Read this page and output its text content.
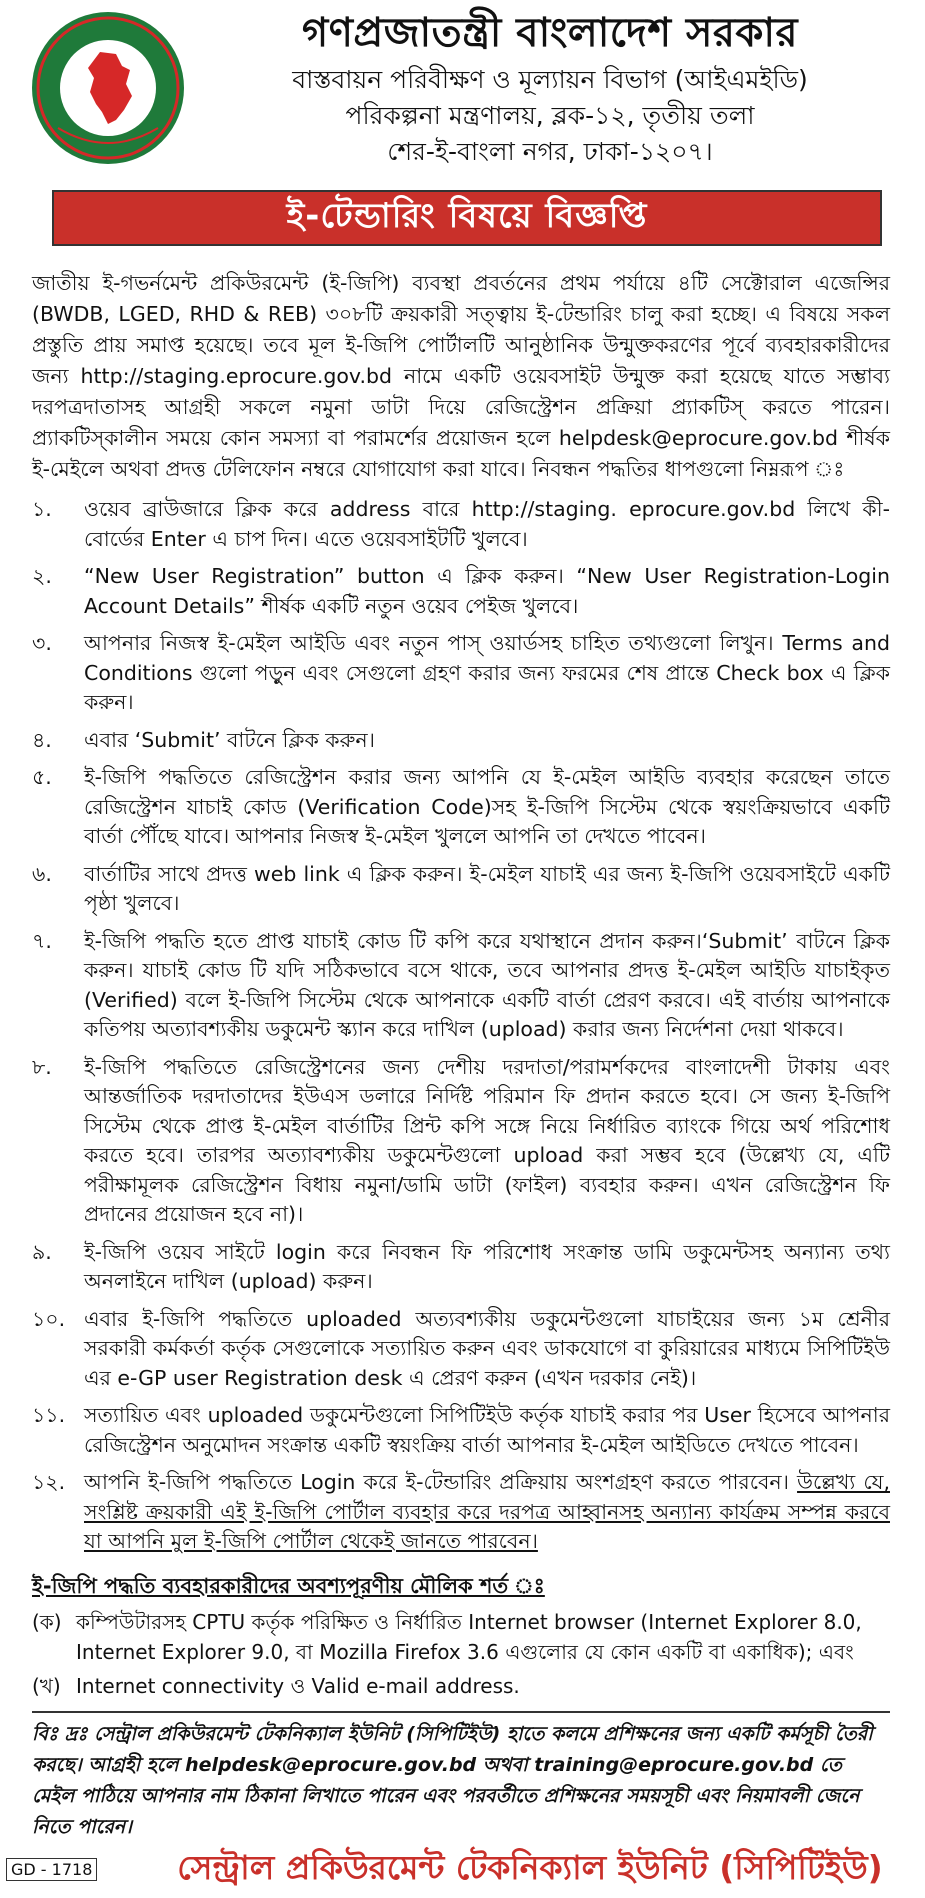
গণপ্রজাতন্ত্রী বাংলাদেশ সরকার
বাস্তবায়ন পরিবীক্ষণ ও মূল্যায়ন বিভাগ (আইএমইডি)
পরিকল্পনা মন্ত্রণালয়, ব্লক-১২, তৃতীয় তলা
শের-ই-বাংলা নগর, ঢাকা-১২০৭।
ই-টেন্ডারিং বিষয়ে বিজ্ঞপ্তি

জাতীয় ই-গভর্নমেন্ট প্রকিউরমেন্ট (ই-জিপি) ব্যবস্থা প্রবর্তনের প্রথম পর্যায়ে ৪টি সেক্টোরাল এজেন্সির (BWDB, LGED, RHD & REB) ৩০৮টি ক্রয়কারী সত্ত্বায় ই-টেন্ডারিং চালু করা হচ্ছে। এ বিষয়ে সকল প্রস্তুতি প্রায় সমাপ্ত হয়েছে। তবে মূল ই-জিপি পোর্টালটি আনুষ্ঠানিক উন্মুক্তকরণের পূর্বে ব্যবহারকারীদের জন্য http://staging.eprocure.gov.bd নামে একটি ওয়েবসাইট উন্মুক্ত করা হয়েছে যাতে সম্ভাব্য দরপত্রদাতাসহ আগ্রহী সকলে নমুনা ডাটা দিয়ে রেজিস্ট্রেশন প্রক্রিয়া প্র্যাকটিস্‌ করতে পারেন। প্র্যাকটিস্‌কালীন সময়ে কোন সমস্যা বা পরামর্শের প্রয়োজন হলে helpdesk@eprocure.gov.bd শীর্ষক ই-মেইলে অথবা প্রদত্ত টেলিফোন নম্বরে যোগাযোগ করা যাবে। নিবন্ধন পদ্ধতির ধাপগুলো নিম্নরূপ ঃ

১.	ওয়েব ব্রাউজারে ক্লিক করে address বারে http://staging. eprocure.gov.bd লিখে কী-বোর্ডের Enter এ চাপ দিন। এতে ওয়েবসাইটটি খুলবে।
২.	“New User Registration” button এ ক্লিক করুন। “New User Registration-Login Account Details” শীর্ষক একটি নতুন ওয়েব পেইজ খুলবে।
৩.	আপনার নিজস্ব ই-মেইল আইডি এবং নতুন পাস্‌ ওয়ার্ডসহ চাহিত তথ্যগুলো লিখুন। Terms and Conditions গুলো পড়ুন এবং সেগুলো গ্রহণ করার জন্য ফরমের শেষ প্রান্তে Check box এ ক্লিক করুন।
৪.	এবার ‘Submit’ বাটনে ক্লিক করুন।
৫.	ই-জিপি পদ্ধতিতে রেজিস্ট্রেশন করার জন্য আপনি যে ই-মেইল আইডি ব্যবহার করেছেন তাতে রেজিস্ট্রেশন যাচাই কোড (Verification Code)সহ ই-জিপি সিস্টেম থেকে স্বয়ংক্রিয়ভাবে একটি বার্তা পৌঁছে যাবে। আপনার নিজস্ব ই-মেইল খুললে আপনি তা দেখতে পাবেন।
৬.	বার্তাটির সাথে প্রদত্ত web link এ ক্লিক করুন। ই-মেইল যাচাই এর জন্য ই-জিপি ওয়েবসাইটে একটি পৃষ্ঠা খুলবে।
৭.	ই-জিপি পদ্ধতি হতে প্রাপ্ত যাচাই কোড টি কপি করে যথাস্থানে প্রদান করুন।‘Submit’ বাটনে ক্লিক করুন। যাচাই কোড টি যদি সঠিকভাবে বসে থাকে, তবে আপনার প্রদত্ত ই-মেইল আইডি যাচাইকৃত (Verified) বলে ই-জিপি সিস্টেম থেকে আপনাকে একটি বার্তা প্রেরণ করবে। এই বার্তায় আপনাকে কতিপয় অত্যাবশ্যকীয় ডকুমেন্ট স্ক্যান করে দাখিল (upload) করার জন্য নির্দেশনা দেয়া থাকবে।
৮.	ই-জিপি পদ্ধতিতে রেজিস্ট্রেশনের জন্য দেশীয় দরদাতা/পরামর্শকদের বাংলাদেশী টাকায় এবং আন্তর্জাতিক দরদাতাদের ইউএস ডলারে নির্দিষ্ট পরিমান ফি প্রদান করতে হবে। সে জন্য ই-জিপি সিস্টেম থেকে প্রাপ্ত ই-মেইল বার্তাটির প্রিন্ট কপি সঙ্গে নিয়ে নির্ধারিত ব্যাংকে গিয়ে অর্থ পরিশোধ করতে হবে। তারপর অত্যাবশ্যকীয় ডকুমেন্টগুলো upload করা সম্ভব হবে (উল্লেখ্য যে, এটি পরীক্ষামূলক রেজিস্ট্রেশন বিধায় নমুনা/ডামি ডাটা (ফাইল) ব্যবহার করুন। এখন রেজিস্ট্রেশন ফি প্রদানের প্রয়োজন হবে না)।
৯.	ই-জিপি ওয়েব সাইটে login করে নিবন্ধন ফি পরিশোধ সংক্রান্ত ডামি ডকুমেন্টসহ অন্যান্য তথ্য অনলাইনে দাখিল (upload) করুন।
১০. এবার ই-জিপি পদ্ধতিতে uploaded অত্যবশ্যকীয় ডকুমেন্টগুলো যাচাইয়ের জন্য ১ম শ্রেনীর সরকারী কর্মকর্তা কর্তৃক সেগুলোকে সত্যায়িত করুন এবং ডাকযোগে বা কুরিয়ারের মাধ্যমে সিপিটিইউ এর e-GP user Registration desk এ প্রেরণ করুন (এখন দরকার নেই)।
১১. সত্যায়িত এবং uploaded ডকুমেন্টগুলো সিপিটিইউ কর্তৃক যাচাই করার পর User হিসেবে আপনার রেজিস্ট্রেশন অনুমোদন সংক্রান্ত একটি স্বয়ংক্রিয় বার্তা আপনার ই-মেইল আইডিতে দেখতে পাবেন।
১২. আপনি ই-জিপি পদ্ধতিতে Login করে ই-টেন্ডারিং প্রক্রিয়ায় অংশগ্রহণ করতে পারবেন। উল্লেখ্য যে, সংশ্লিষ্ট ক্রয়কারী এই ই-জিপি পোর্টাল ব্যবহার করে দরপত্র আহ্বানসহ অন্যান্য কার্যক্রম সম্পন্ন করবে যা আপনি মুল ই-জিপি পোর্টাল থেকেই জানতে পারবেন।
ই-জিপি পদ্ধতি ব্যবহারকারীদের অবশ্যপূরণীয় মৌলিক শর্ত ঃ
(ক) কম্পিউটারসহ CPTU কর্তৃক পরিক্ষিত ও নির্ধারিত Internet browser (Internet Explorer 8.0, Internet Explorer 9.0, বা Mozilla Firefox 3.6 এগুলোর যে কোন একটি বা একাধিক); এবং
(খ) Internet connectivity ও Valid e-mail address.
বিঃ দ্রঃ সেন্ট্রাল প্রকিউরমেন্ট টেকনিক্যাল ইউনিট (সিপিটিইউ) হাতে কলমে প্রশিক্ষনের জন্য একটি কর্মসূচী তৈরী করছে। আগ্রহী হলে helpdesk@eprocure.gov.bd অথবা training@eprocure.gov.bd তে মেইল পাঠিয়ে আপনার নাম ঠিকানা লিখাতে পারেন এবং পরবর্তীতে প্রশিক্ষনের সময়সূচী এবং নিয়মাবলী জেনে নিতে পারেন।
GD - 1718	সেন্ট্রাল প্রকিউরমেন্ট টেকনিক্যাল ইউনিট (সিপিটিইউ)
